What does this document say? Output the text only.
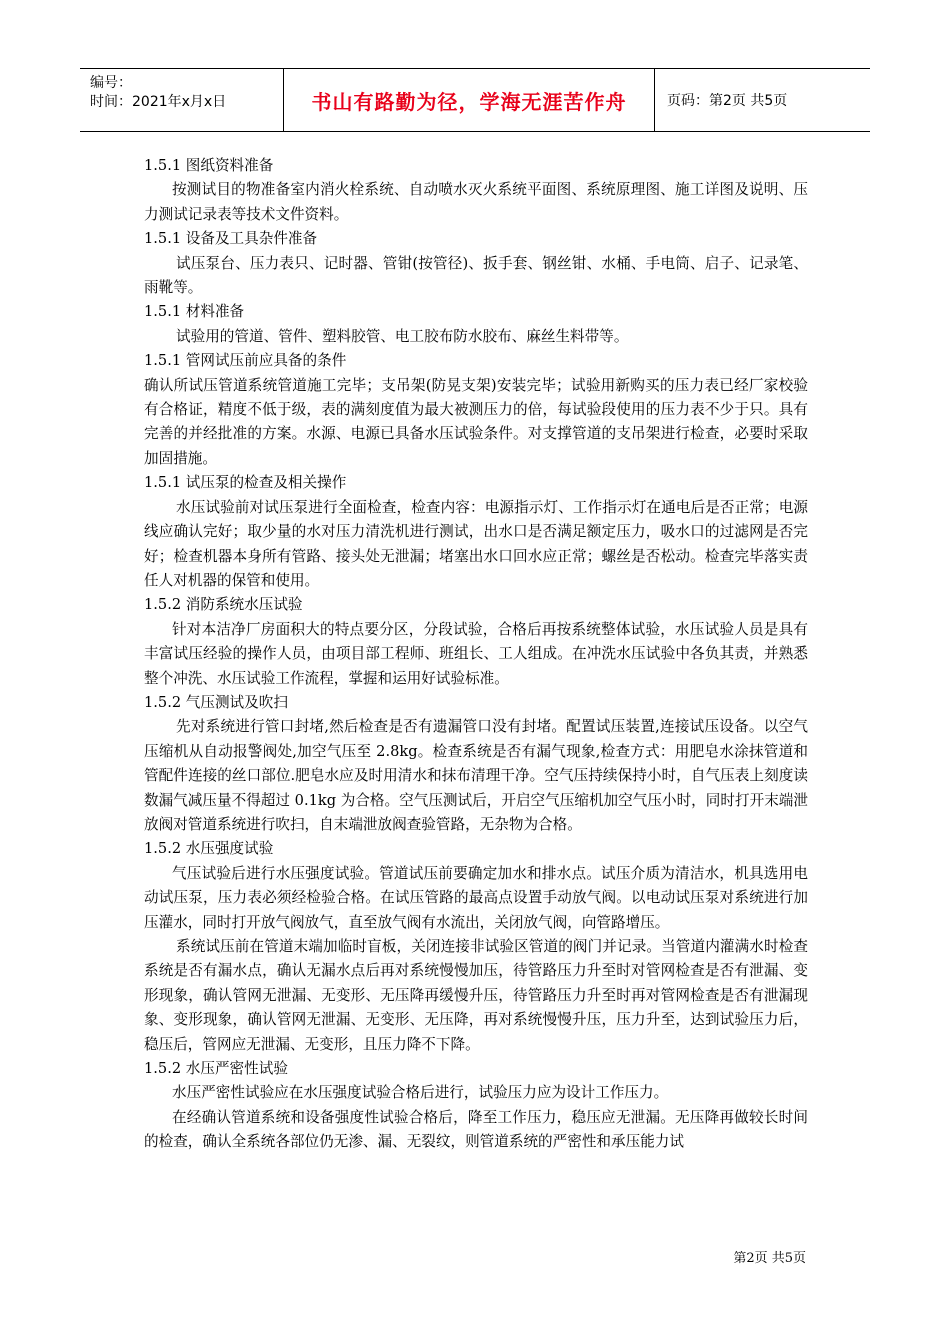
编号：
时间：2021年x月x日	书山有路勤为径，学海无涯苦作舟	页码：第2页 共5页

1.5.1 图纸资料准备

按测试目的物准备室内消火栓系统、自动喷水灭火系统平面图、系统原理图、施工详图及说明、压力测试记录表等技术文件资料。

1.5.1 设备及工具杂件准备

试压泵台、压力表只、记时器、管钳(按管径)、扳手套、钢丝钳、水桶、手电筒、启子、记录笔、雨靴等。

1.5.1 材料准备

试验用的管道、管件、塑料胶管、电工胶布防水胶布、麻丝生料带等。

1.5.1 管网试压前应具备的条件

确认所试压管道系统管道施工完毕；支吊架(防晃支架)安装完毕；试验用新购买的压力表已经厂家校验有合格证，精度不低于级，表的满刻度值为最大被测压力的倍，每试验段使用的压力表不少于只。具有完善的并经批准的方案。水源、电源已具备水压试验条件。对支撑管道的支吊架进行检查，必要时采取加固措施。

1.5.1 试压泵的检查及相关操作

水压试验前对试压泵进行全面检查，检查内容：电源指示灯、工作指示灯在通电后是否正常；电源线应确认完好；取少量的水对压力清洗机进行测试，出水口是否满足额定压力，吸水口的过滤网是否完好；检查机器本身所有管路、接头处无泄漏；堵塞出水口回水应正常；螺丝是否松动。检查完毕落实责任人对机器的保管和使用。

1.5.2 消防系统水压试验

针对本洁净厂房面积大的特点要分区，分段试验，合格后再按系统整体试验，水压试验人员是具有丰富试压经验的操作人员，由项目部工程师、班组长、工人组成。在冲洗水压试验中各负其责，并熟悉整个冲洗、水压试验工作流程，掌握和运用好试验标准。

1.5.2 气压测试及吹扫

先对系统进行管口封堵,然后检查是否有遗漏管口没有封堵。配置试压装置,连接试压设备。以空气压缩机从自动报警阀处,加空气压至 2.8kg。检查系统是否有漏气现象,检查方式：用肥皂水涂抹管道和管配件连接的丝口部位.肥皂水应及时用清水和抹布清理干净。空气压持续保持小时，自气压表上刻度读数漏气减压量不得超过 0.1kg 为合格。空气压测试后，开启空气压缩机加空气压小时，同时打开末端泄放阀对管道系统进行吹扫，自末端泄放阀查验管路，无杂物为合格。

1.5.2 水压强度试验

气压试验后进行水压强度试验。管道试压前要确定加水和排水点。试压介质为清洁水，机具选用电动试压泵，压力表必须经检验合格。在试压管路的最高点设置手动放气阀。以电动试压泵对系统进行加压灌水，同时打开放气阀放气，直至放气阀有水流出，关闭放气阀，向管路增压。

系统试压前在管道末端加临时盲板，关闭连接非试验区管道的阀门并记录。当管道内灌满水时检查系统是否有漏水点，确认无漏水点后再对系统慢慢加压，待管路压力升至时对管网检查是否有泄漏、变形现象，确认管网无泄漏、无变形、无压降再缓慢升压，待管路压力升至时再对管网检查是否有泄漏现象、变形现象，确认管网无泄漏、无变形、无压降，再对系统慢慢升压，压力升至，达到试验压力后，稳压后，管网应无泄漏、无变形，且压力降不下降。

1.5.2 水压严密性试验

水压严密性试验应在水压强度试验合格后进行，试验压力应为设计工作压力。

在经确认管道系统和设备强度性试验合格后，降至工作压力，稳压应无泄漏。无压降再做较长时间的检查，确认全系统各部位仍无渗、漏、无裂纹，则管道系统的严密性和承压能力试

第2页 共5页
